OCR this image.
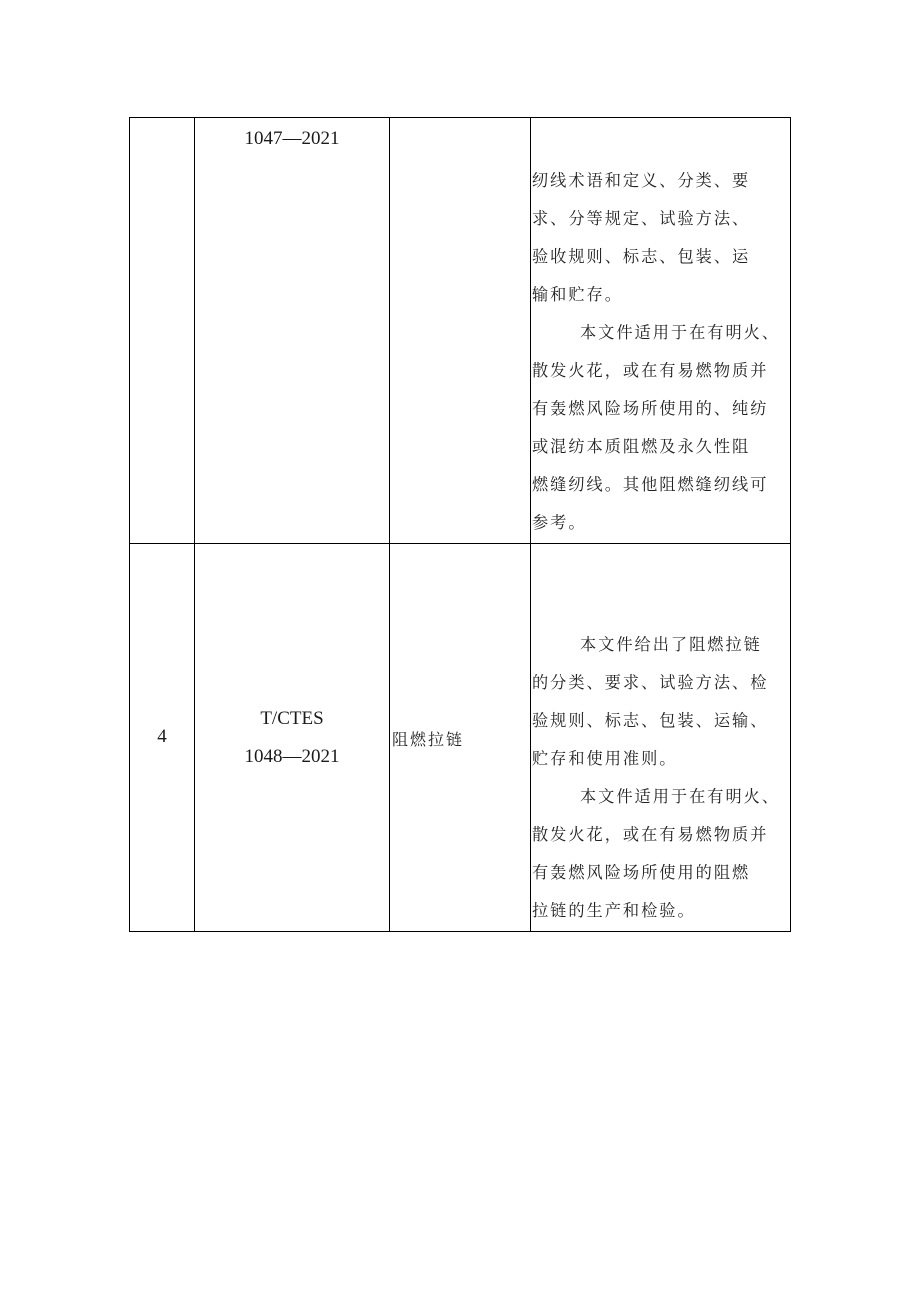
1047—2021

纫线术语和定义、分类、要

求、分等规定、试验方法、

验收规则、标志、包装、运

输和贮存。

本文件适用于在有明火、

散发火花，或在有易燃物质并

有轰燃风险场所使用的、纯纺

或混纺本质阻燃及永久性阻

燃缝纫线。其他阻燃缝纫线可

参考。

4
T/CTES
1048—2021
阻燃拉链

本文件给出了阻燃拉链

的分类、要求、试验方法、检

验规则、标志、包装、运输、

贮存和使用准则。

本文件适用于在有明火、

散发火花，或在有易燃物质并

有轰燃风险场所使用的阻燃

拉链的生产和检验。
